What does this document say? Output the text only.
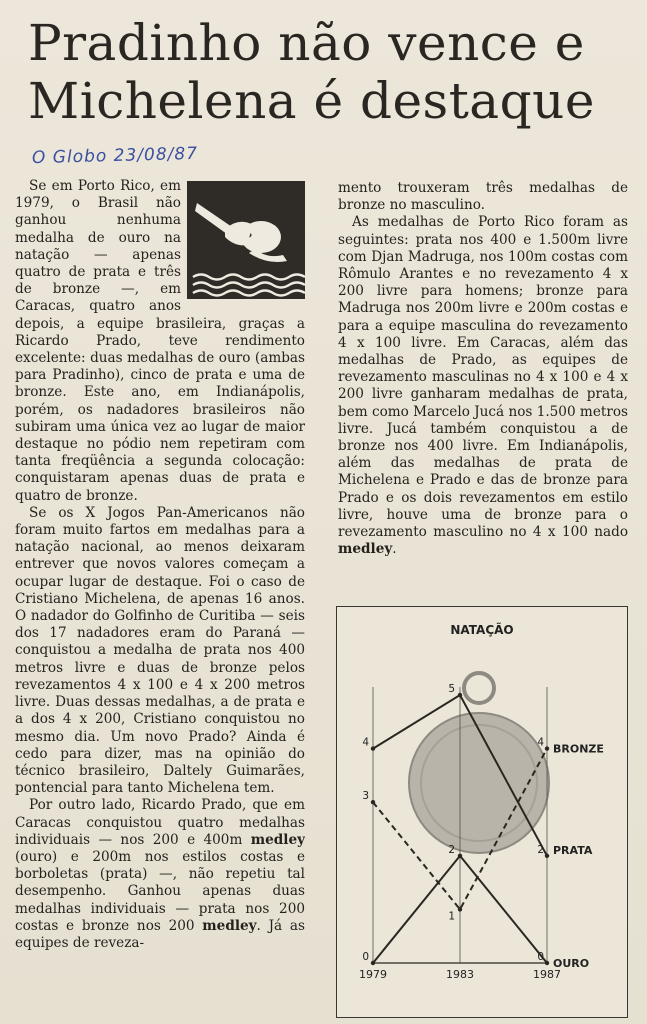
Pradinho não vence e Michelena é destaque
O Globo 23/08/87

Se em Porto Rico, em 1979, o Brasil não ganhou nenhuma medalha de ouro na natação — apenas quatro de prata e três de bronze —, em Caracas, quatro anos depois, a equipe brasileira, graças a Ricardo Prado, teve rendimento excelente: duas medalhas de ouro (ambas para Pradinho), cinco de prata e uma de bronze. Este ano, em Indianápolis, porém, os nadadores brasileiros não subiram uma única vez ao lugar de maior destaque no pódio nem repetiram com tanta freqüência a segunda colocação: conquistaram apenas duas de prata e quatro de bronze.

Se os X Jogos Pan-Americanos não foram muito fartos em medalhas para a natação nacional, ao menos deixaram entrever que novos valores começam a ocupar lugar de destaque. Foi o caso de Cristiano Michelena, de apenas 16 anos. O nadador do Golfinho de Curitiba — seis dos 17 nadadores eram do Paraná — conquistou a medalha de prata nos 400 metros livre e duas de bronze pelos revezamentos 4 x 100 e 4 x 200 metros livre. Duas dessas medalhas, a de prata e a dos 4 x 200, Cristiano conquistou no mesmo dia. Um novo Prado? Ainda é cedo para dizer, mas na opinião do técnico brasileiro, Daltely Guimarães, pontencial para tanto Michelena tem.

Por outro lado, Ricardo Prado, que em Caracas conquistou quatro medalhas individuais — nos 200 e 400m medley (ouro) e 200m nos estilos costas e borboletas (prata) —, não repetiu tal desempenho. Ganhou apenas duas medalhas individuais — prata nos 200 costas e bronze nos 200 medley. Já as equipes de reveza-

mento trouxeram três medalhas de bronze no masculino.

As medalhas de Porto Rico foram as seguintes: prata nos 400 e 1.500m livre com Djan Madruga, nos 100m costas com Rômulo Arantes e no revezamento 4 x 200 livre para homens; bronze para Madruga nos 200m livre e 200m costas e para a equipe masculina do revezamento 4 x 100 livre. Em Caracas, além das medalhas de Prado, as equipes de revezamento masculinas no 4 x 100 e 4 x 200 livre ganharam medalhas de prata, bem como Marcelo Jucá nos 1.500 metros livre. Jucá também conquistou a de bronze nos 400 livre. Em Indianápolis, além das medalhas de prata de Michelena e Prado e das de bronze para Prado e os dois revezamentos em estilo livre, houve uma de bronze para o revezamento masculino no 4 x 100 nado medley.

NATAÇÃO
1979	1983	1987
3
1
4 BRONZE
4
5
2 PRATA
0
2
0 OURO
